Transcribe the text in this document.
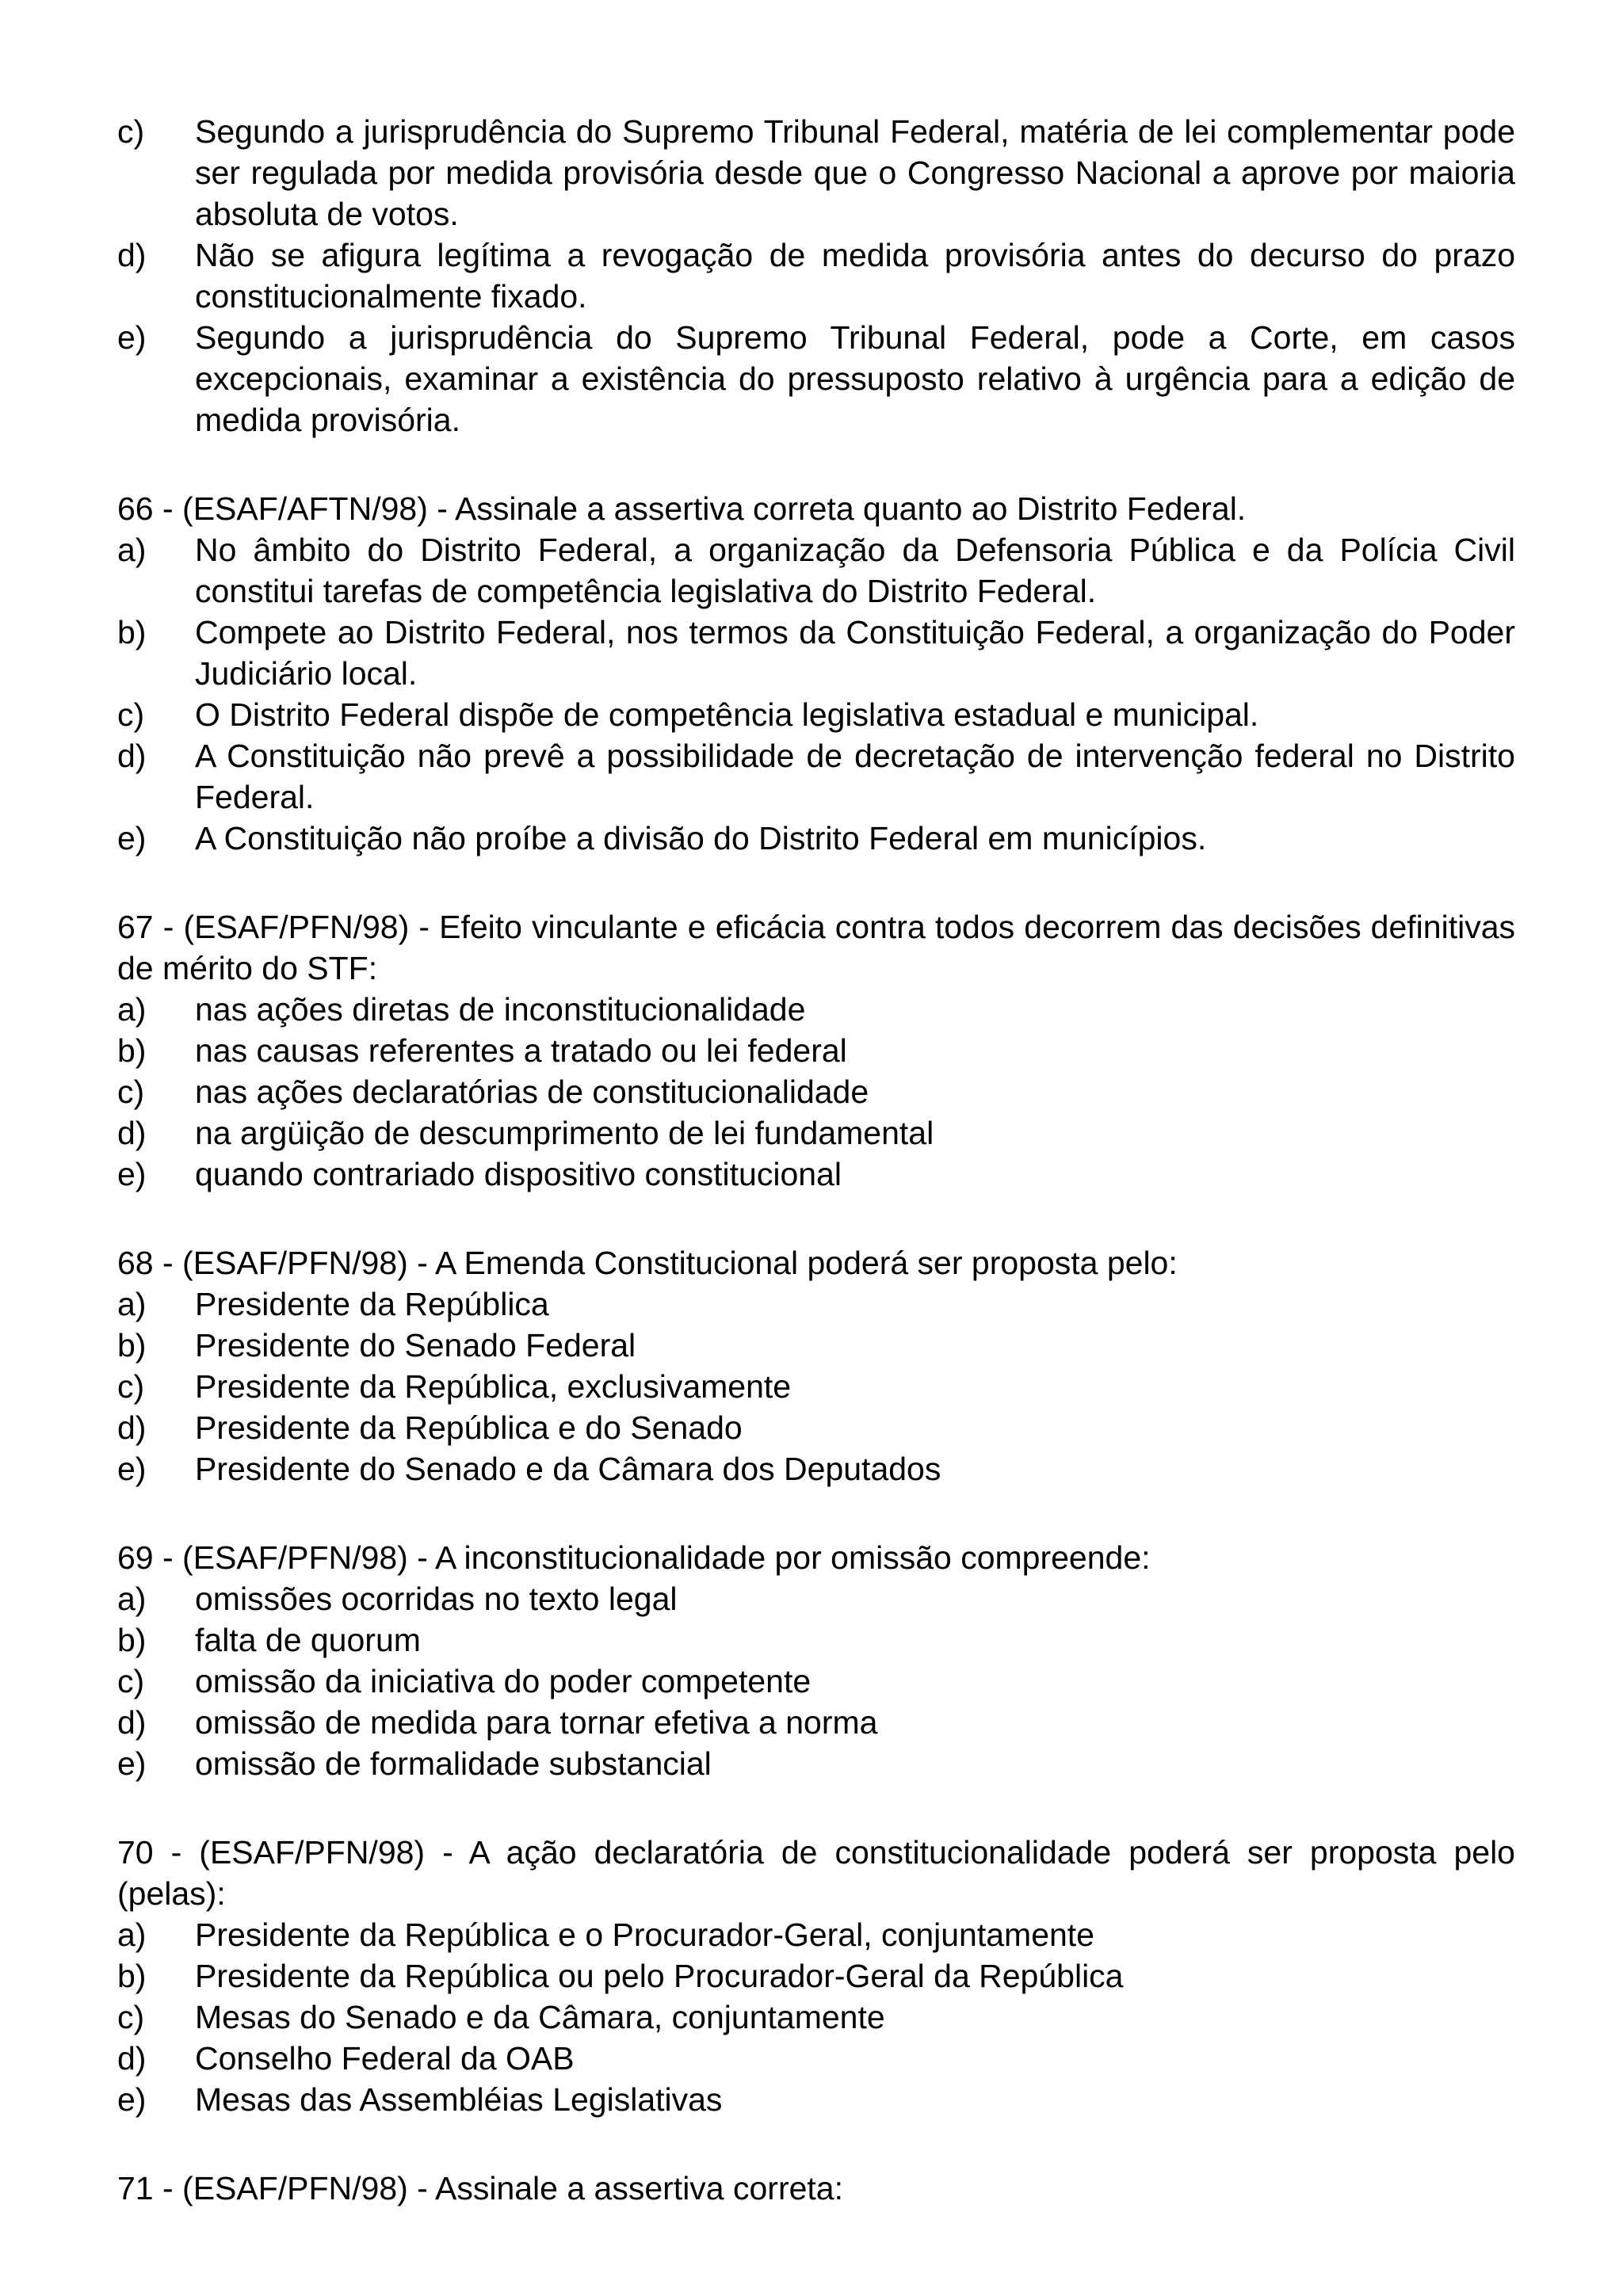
c)	Segundo a jurisprudência do Supremo Tribunal Federal, matéria de lei complementar pode ser regulada por medida provisória desde que o Congresso Nacional a aprove por maioria absoluta de votos.
d)	Não se afigura legítima a revogação de medida provisória antes do decurso do prazo constitucionalmente fixado.
e)	Segundo a jurisprudência do Supremo Tribunal Federal, pode a Corte, em casos excepcionais, examinar a existência do pressuposto relativo à urgência para a edição de medida provisória.
66 - (ESAF/AFTN/98) - Assinale a assertiva correta quanto ao Distrito Federal.
a)	No âmbito do Distrito Federal, a organização da Defensoria Pública e da Polícia Civil constitui tarefas de competência legislativa do Distrito Federal.
b)	Compete ao Distrito Federal, nos termos da Constituição Federal, a organização do Poder Judiciário local.
c)	O Distrito Federal dispõe de competência legislativa estadual e municipal.
d)	A Constituição não prevê a possibilidade de decretação de intervenção federal no Distrito Federal.
e)	A Constituição não proíbe a divisão do Distrito Federal em municípios.
67 - (ESAF/PFN/98) - Efeito vinculante e eficácia contra todos decorrem das decisões definitivas de mérito do STF:
a)	nas ações diretas de inconstitucionalidade
b)	nas causas referentes a tratado ou lei federal
c)	nas ações declaratórias de constitucionalidade
d)	na argüição de descumprimento de lei fundamental
e)	quando contrariado dispositivo constitucional
68 - (ESAF/PFN/98) - A Emenda Constitucional poderá ser proposta pelo:
a)	Presidente da República
b)	Presidente do Senado Federal
c)	Presidente da República, exclusivamente
d)	Presidente da República e do Senado
e)	Presidente do Senado e da Câmara dos Deputados
69 - (ESAF/PFN/98) - A inconstitucionalidade por omissão compreende:
a)	omissões ocorridas no texto legal
b)	falta de quorum
c)	omissão da iniciativa do poder competente
d)	omissão de medida para tornar efetiva a norma
e)	omissão de formalidade substancial
70 - (ESAF/PFN/98) - A ação declaratória de constitucionalidade poderá ser proposta pelo (pelas):
a)	Presidente da República e o Procurador-Geral, conjuntamente
b)	Presidente da República ou pelo Procurador-Geral da República
c)	Mesas do Senado e da Câmara, conjuntamente
d)	Conselho Federal da OAB
e)	Mesas das Assembléias Legislativas
71 - (ESAF/PFN/98) - Assinale a assertiva correta:
